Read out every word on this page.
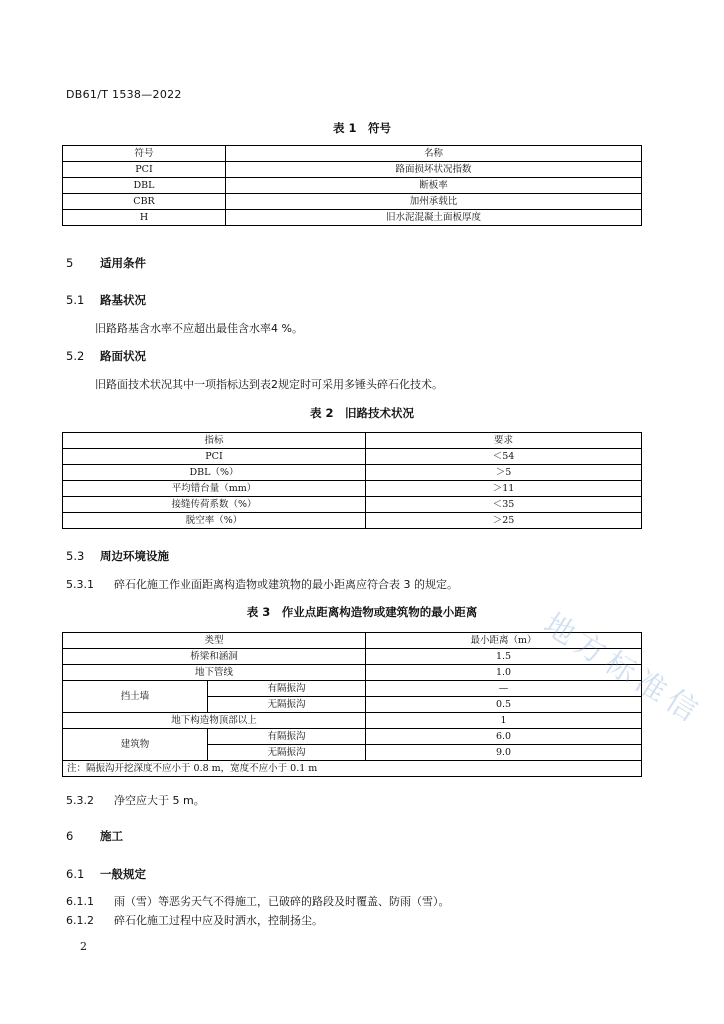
DB61/T 1538—2022
表 1　符号
符号	名称
PCI	路面损坏状况指数
DBL	断板率
CBR	加州承载比
H	旧水泥混凝土面板厚度
5 适用条件
5.1 路基状况
旧路路基含水率不应超出最佳含水率4 %。
5.2 路面状况
旧路面技术状况其中一项指标达到表2规定时可采用多锤头碎石化技术。
表 2　旧路技术状况
指标	要求
PCI	＜54
DBL（%）	＞5
平均错台量（mm）	＞11
接缝传荷系数（%）	＜35
脱空率（%）	＞25
5.3 周边环境设施
5.3.1 碎石化施工作业面距离构造物或建筑物的最小距离应符合表 3 的规定。
表 3　作业点距离构造物或建筑物的最小距离
类型		最小距离（m）
桥梁和涵洞		1.5
地下管线		1.0
挡土墙	有隔振沟	—
	无隔振沟	0.5
地下构造物顶部以上		1
建筑物	有隔振沟	6.0
	无隔振沟	9.0
注：隔振沟开挖深度不应小于 0.8 m，宽度不应小于 0.1 m		
5.3.2 净空应大于 5 m。
6 施工
6.1 一般规定
6.1.1 雨（雪）等恶劣天气不得施工，已破碎的路段及时覆盖、防雨（雪）。
6.1.2 碎石化施工过程中应及时洒水，控制扬尘。
2
地方标准信
